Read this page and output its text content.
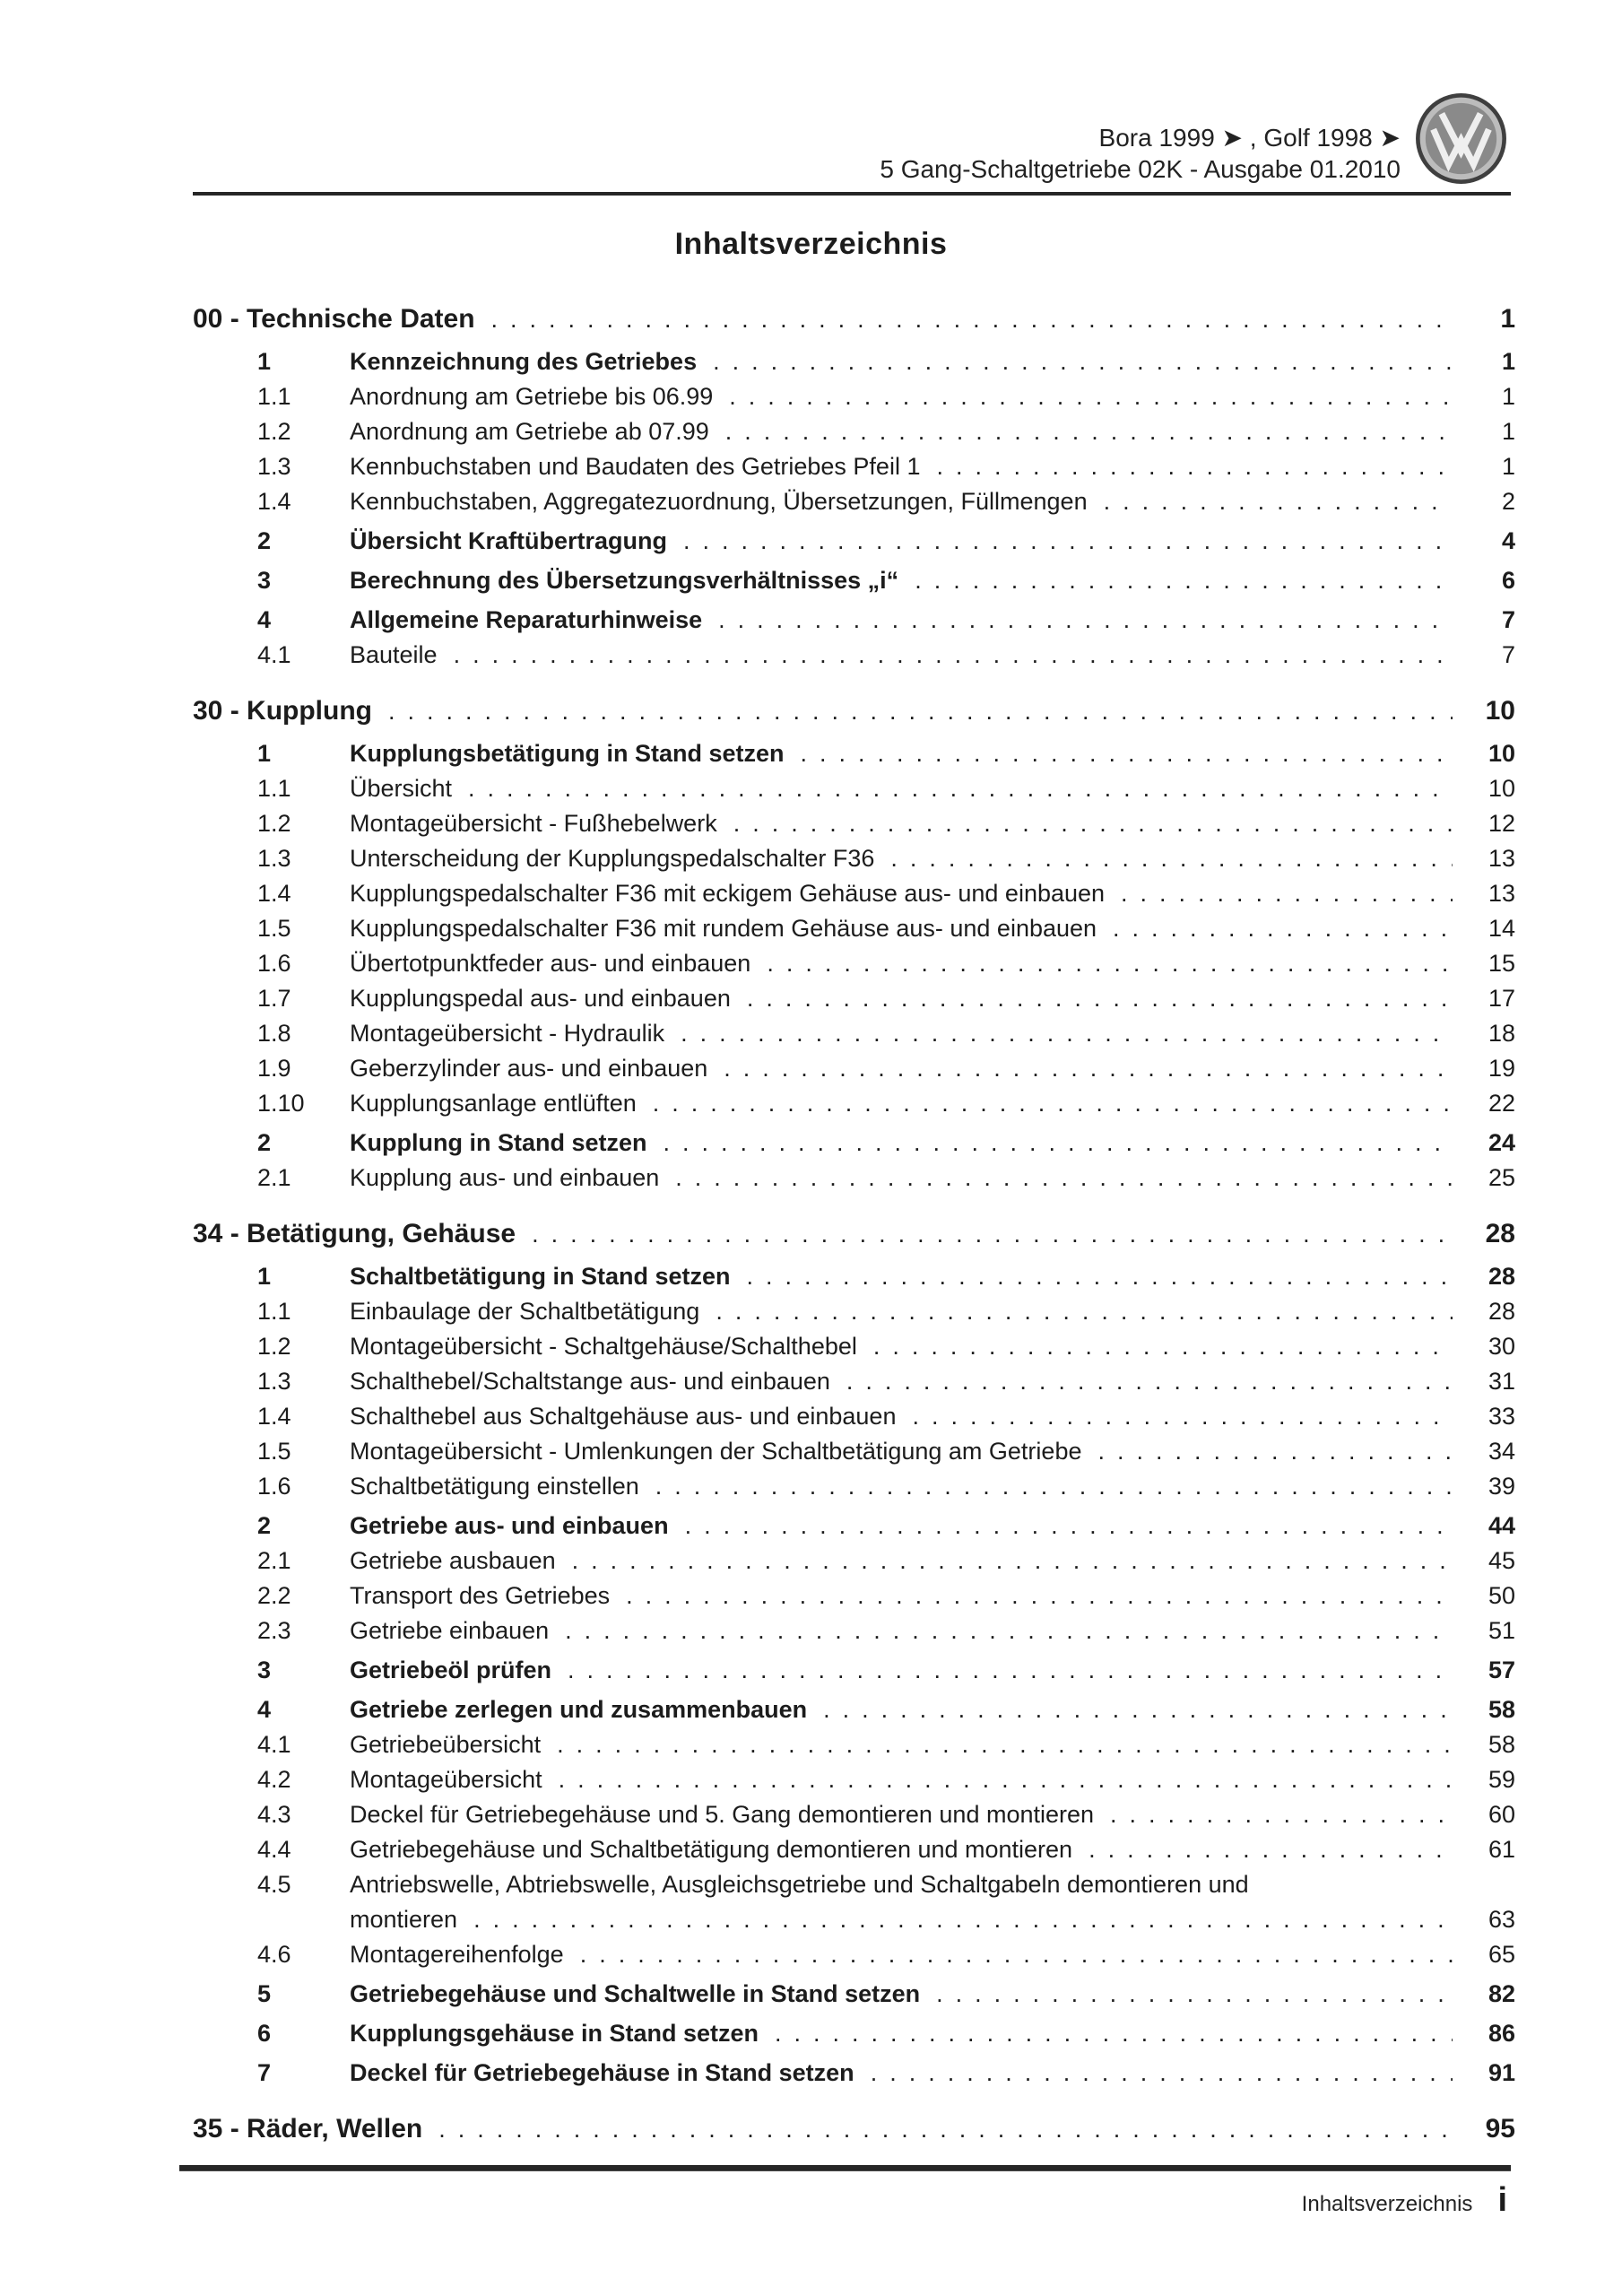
Bora 1999 ➤ , Golf 1998 ➤
5 Gang-Schaltgetriebe 02K - Ausgabe 01.2010
Inhaltsverzeichnis
00 - Technische Daten .....	1
1	Kennzeichnung des Getriebes .....	1
1.1	Anordnung am Getriebe bis 06.99 .....	1
1.2	Anordnung am Getriebe ab 07.99 .....	1
1.3	Kennbuchstaben und Baudaten des Getriebes Pfeil 1 .....	1
1.4	Kennbuchstaben, Aggregatezuordnung, Übersetzungen, Füllmengen .....	2
2	Übersicht Kraftübertragung .....	4
3	Berechnung des Übersetzungsverhältnisses „i“ .....	6
4	Allgemeine Reparaturhinweise .....	7
4.1	Bauteile .....	7
30 - Kupplung .....	10
1	Kupplungsbetätigung in Stand setzen .....	10
1.1	Übersicht .....	10
1.2	Montageübersicht - Fußhebelwerk .....	12
1.3	Unterscheidung der Kupplungspedalschalter F36 .....	13
1.4	Kupplungspedalschalter F36 mit eckigem Gehäuse aus- und einbauen .....	13
1.5	Kupplungspedalschalter F36 mit rundem Gehäuse aus- und einbauen .....	14
1.6	Übertotpunktfeder aus- und einbauen .....	15
1.7	Kupplungspedal aus- und einbauen .....	17
1.8	Montageübersicht - Hydraulik .....	18
1.9	Geberzylinder aus- und einbauen .....	19
1.10	Kupplungsanlage entlüften .....	22
2	Kupplung in Stand setzen .....	24
2.1	Kupplung aus- und einbauen .....	25
34 - Betätigung, Gehäuse .....	28
1	Schaltbetätigung in Stand setzen .....	28
1.1	Einbaulage der Schaltbetätigung .....	28
1.2	Montageübersicht - Schaltgehäuse/Schalthebel .....	30
1.3	Schalthebel/Schaltstange aus- und einbauen .....	31
1.4	Schalthebel aus Schaltgehäuse aus- und einbauen .....	33
1.5	Montageübersicht - Umlenkungen der Schaltbetätigung am Getriebe .....	34
1.6	Schaltbetätigung einstellen .....	39
2	Getriebe aus- und einbauen .....	44
2.1	Getriebe ausbauen .....	45
2.2	Transport des Getriebes .....	50
2.3	Getriebe einbauen .....	51
3	Getriebeöl prüfen .....	57
4	Getriebe zerlegen und zusammenbauen .....	58
4.1	Getriebeübersicht .....	58
4.2	Montageübersicht .....	59
4.3	Deckel für Getriebegehäuse und 5. Gang demontieren und montieren .....	60
4.4	Getriebegehäuse und Schaltbetätigung demontieren und montieren .....	61
4.5	Antriebswelle, Abtriebswelle, Ausgleichsgetriebe und Schaltgabeln demontieren und
montieren .....	63
4.6	Montagereihenfolge .....	65
5	Getriebegehäuse und Schaltwelle in Stand setzen .....	82
6	Kupplungsgehäuse in Stand setzen .....	86
7	Deckel für Getriebegehäuse in Stand setzen .....	91
35 - Räder, Wellen .....	95
Inhaltsverzeichnis i
